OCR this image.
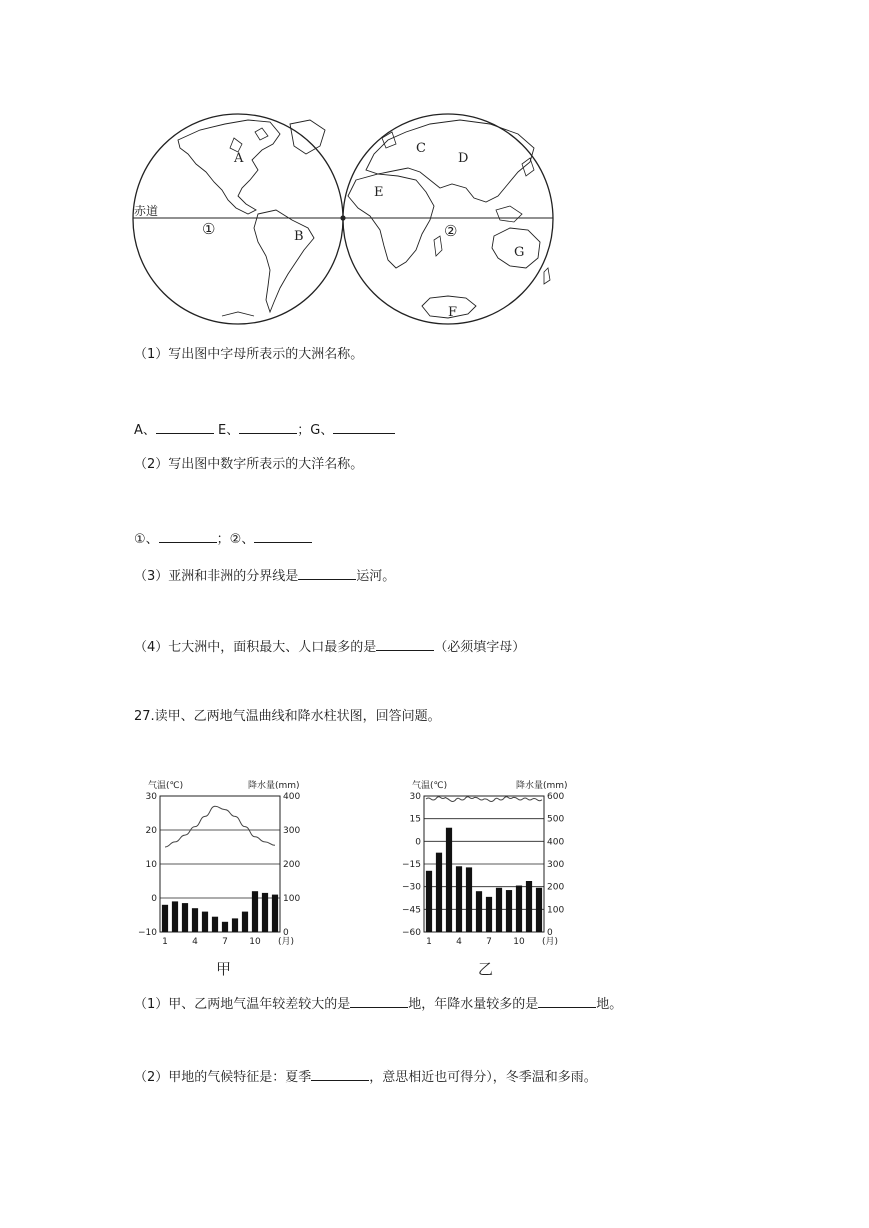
赤道
A
B
C
D
E
F
G
①	②
（1）写出图中字母所表示的大洲名称。
A、	E、	；G、
（2）写出图中数字所表示的大洋名称。
①、	；②、
（3）亚洲和非洲的分界线是	运河。
（4）七大洲中，面积最大、人口最多的是	（必须填字母）
27.读甲、乙两地气温曲线和降水柱状图，回答问题。
气温(℃)	降水量(mm)
30
20
10
0
−10
400
300
200
100
0
1	4	7 10 (月)
甲
气温(℃)	降水量(mm)
30
15
0
−15
−30
−45
−60
600
500
400
300
200
100
0
1	4	7 10 (月)
乙
（1）甲、乙两地气温年较差较大的是	地，年降水量较多的是	地。
（2）甲地的气候特征是：夏季	，意思相近也可得分），冬季温和多雨。
